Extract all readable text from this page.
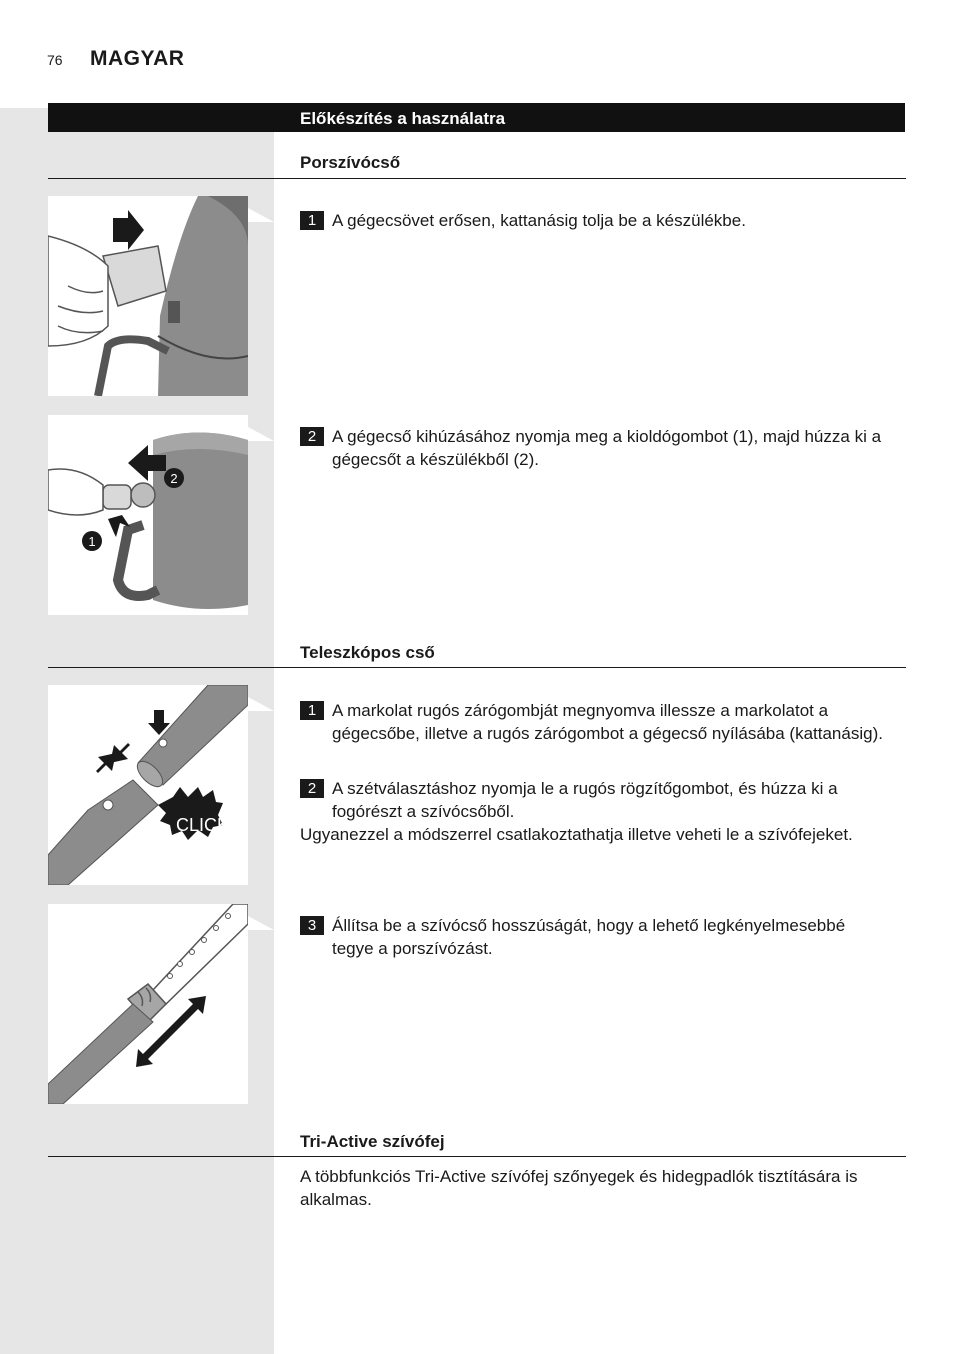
76 MAGYAR
Előkészítés a használatra
Porszívócső
1 A gégecsövet erősen, kattanásig tolja be a készülékbe.
2
1
2 A gégecső kihúzásához nyomja meg a kioldógombot (1), majd húzza ki a gégecsőt a készülékből (2).
Teleszkópos cső
CLICK
1 A markolat rugós zárógombját megnyomva illessze a markolatot a gégecsőbe, illetve a rugós zárógombot a gégecső nyílásába (kattanásig).
2 A szétválasztáshoz nyomja le a rugós rögzítőgombot, és húzza ki a fogórészt a szívócsőből.
Ugyanezzel a módszerrel csatlakoztathatja illetve veheti le a szívófejeket.
3 Állítsa be a szívócső hosszúságát, hogy a lehető legkényelmesebbé tegye a porszívózást.
Tri-Active szívófej
A többfunkciós Tri-Active szívófej szőnyegek és hidegpadlók tisztítására is alkalmas.
